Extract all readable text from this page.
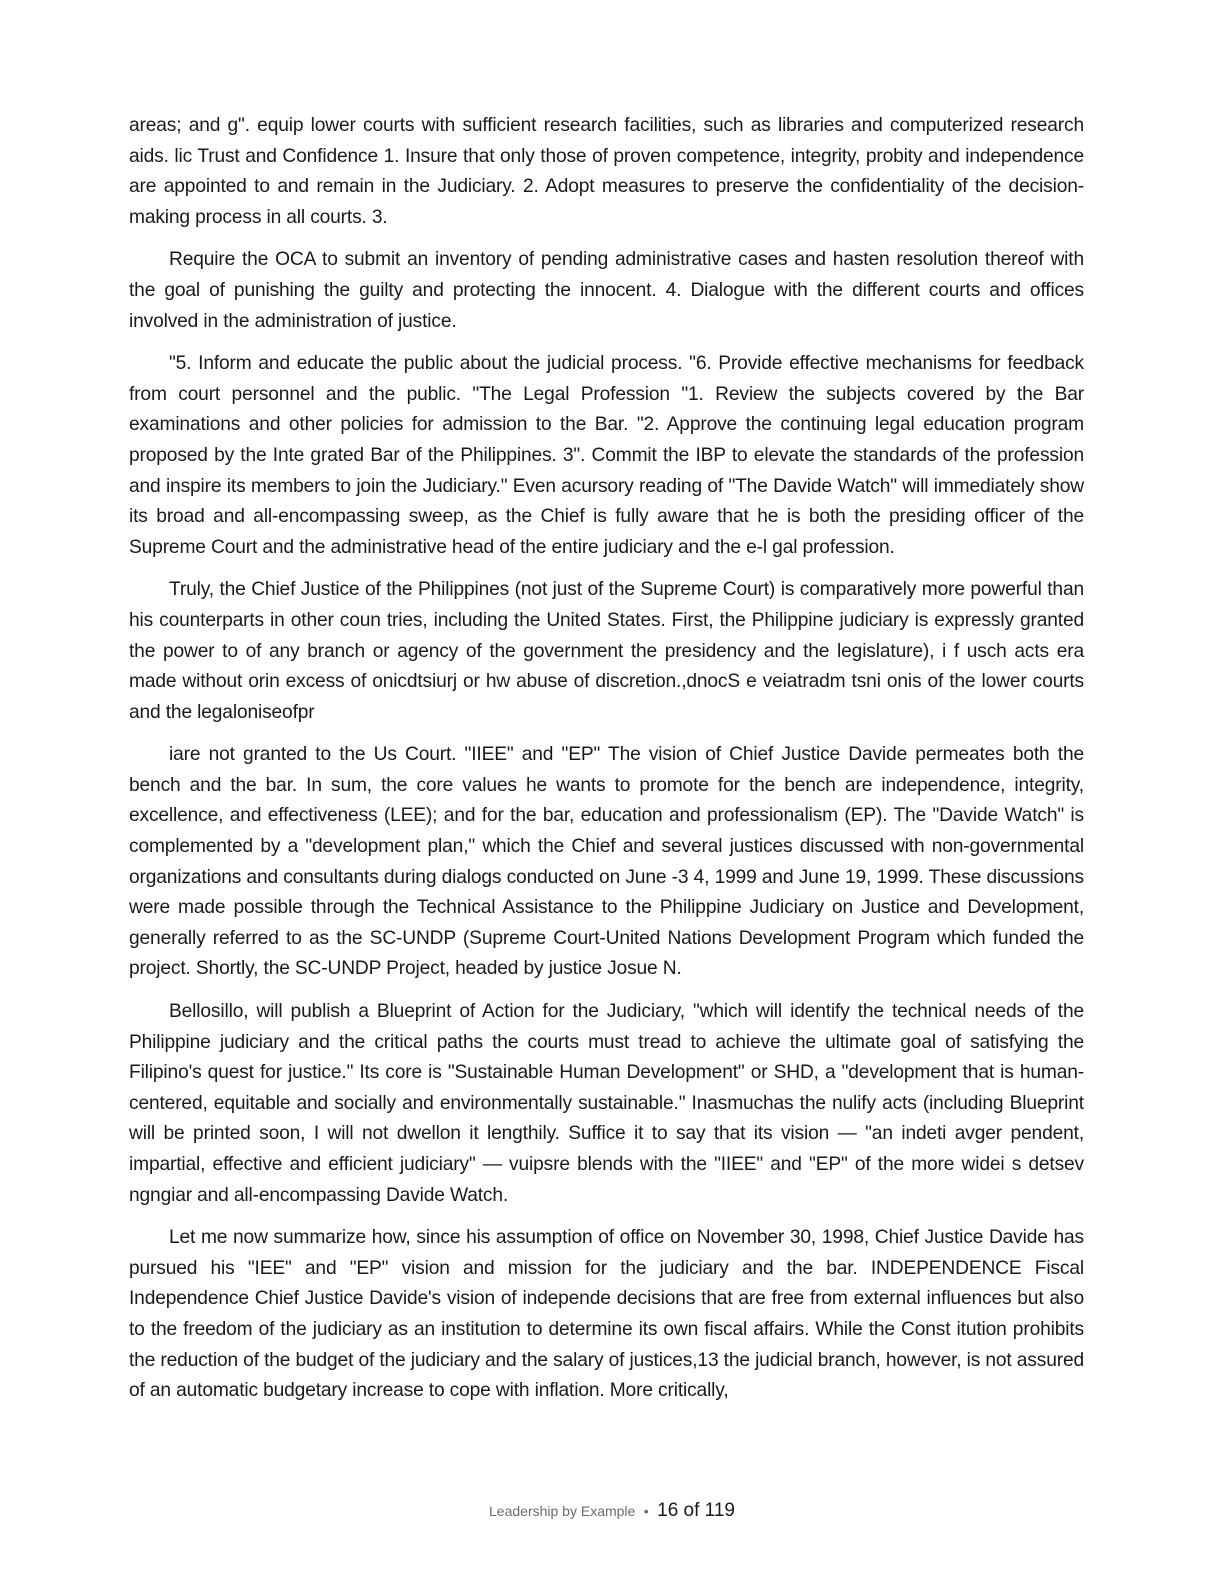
areas; and g". equip lower courts with sufficient research facilities, such as libraries and computerized research aids. lic Trust and Confidence 1. Insure that only those of proven competence, integrity, probity and independence are appointed to and remain in the Judiciary. 2. Adopt measures to preserve the confidentiality of the decision-making process in all courts. 3.

Require the OCA to submit an inventory of pending administrative cases and hasten resolution thereof with the goal of punishing the guilty and protecting the innocent. 4. Dialogue with the different courts and offices involved in the administration of justice.

"5. Inform and educate the public about the judicial process. "6. Provide effective mechanisms for feedback from court personnel and the public. "The Legal Profession "1. Review the subjects covered by the Bar examinations and other policies for admission to the Bar. "2. Approve the continuing legal education program proposed by the Inte grated Bar of the Philippines. 3". Commit the IBP to elevate the standards of the profession and inspire its members to join the Judiciary." Even acursory reading of "The Davide Watch" will immediately show its broad and all-encompassing sweep, as the Chief is fully aware that he is both the presiding officer of the Supreme Court and the administrative head of the entire judiciary and the e-l gal profession.

Truly, the Chief Justice of the Philippines (not just of the Supreme Court) is comparatively more powerful than his counterparts in other coun tries, including the United States. First, the Philippine judiciary is expressly granted the power to of any branch or agency of the government the presidency and the legislature), i f usch acts era made without orin excess of onicdtsiurj or hw abuse of discretion.,dnocS e veiatradm tsni onis of the lower courts and the legaloniseofpr

iare not granted to the Us Court. "IIEE" and "EP" The vision of Chief Justice Davide permeates both the bench and the bar. In sum, the core values he wants to promote for the bench are independence, integrity, excellence, and effectiveness (LEE); and for the bar, education and professionalism (EP). The "Davide Watch" is complemented by a "development plan," which the Chief and several justices discussed with non-governmental organizations and consultants during dialogs conducted on June -3 4, 1999 and June 19, 1999. These discussions were made possible through the Technical Assistance to the Philippine Judiciary on Justice and Development, generally referred to as the SC-UNDP (Supreme Court-United Nations Development Program which funded the project. Shortly, the SC-UNDP Project, headed by justice Josue N.

Bellosillo, will publish a Blueprint of Action for the Judiciary, "which will identify the technical needs of the Philippine judiciary and the critical paths the courts must tread to achieve the ultimate goal of satisfying the Filipino's quest for justice." Its core is "Sustainable Human Development" or SHD, a "development that is human-centered, equitable and socially and environmentally sustainable." Inasmuchas the nulify acts (including Blueprint will be printed soon, I will not dwellon it lengthily. Suffice it to say that its vision — "an indeti avger pendent, impartial, effective and efficient judiciary" — vuipsre blends with the "IIEE" and "EP" of the more widei s detsev ngngiar and all-encompassing Davide Watch.

Let me now summarize how, since his assumption of office on November 30, 1998, Chief Justice Davide has pursued his "IEE" and "EP" vision and mission for the judiciary and the bar. INDEPENDENCE Fiscal Independence Chief Justice Davide's vision of independe decisions that are free from external influences but also to the freedom of the judiciary as an institution to determine its own fiscal affairs. While the Const itution prohibits the reduction of the budget of the judiciary and the salary of justices,13 the judicial branch, however, is not assured of an automatic budgetary increase to cope with inflation. More critically,

Leadership by Example • 16 of 119
